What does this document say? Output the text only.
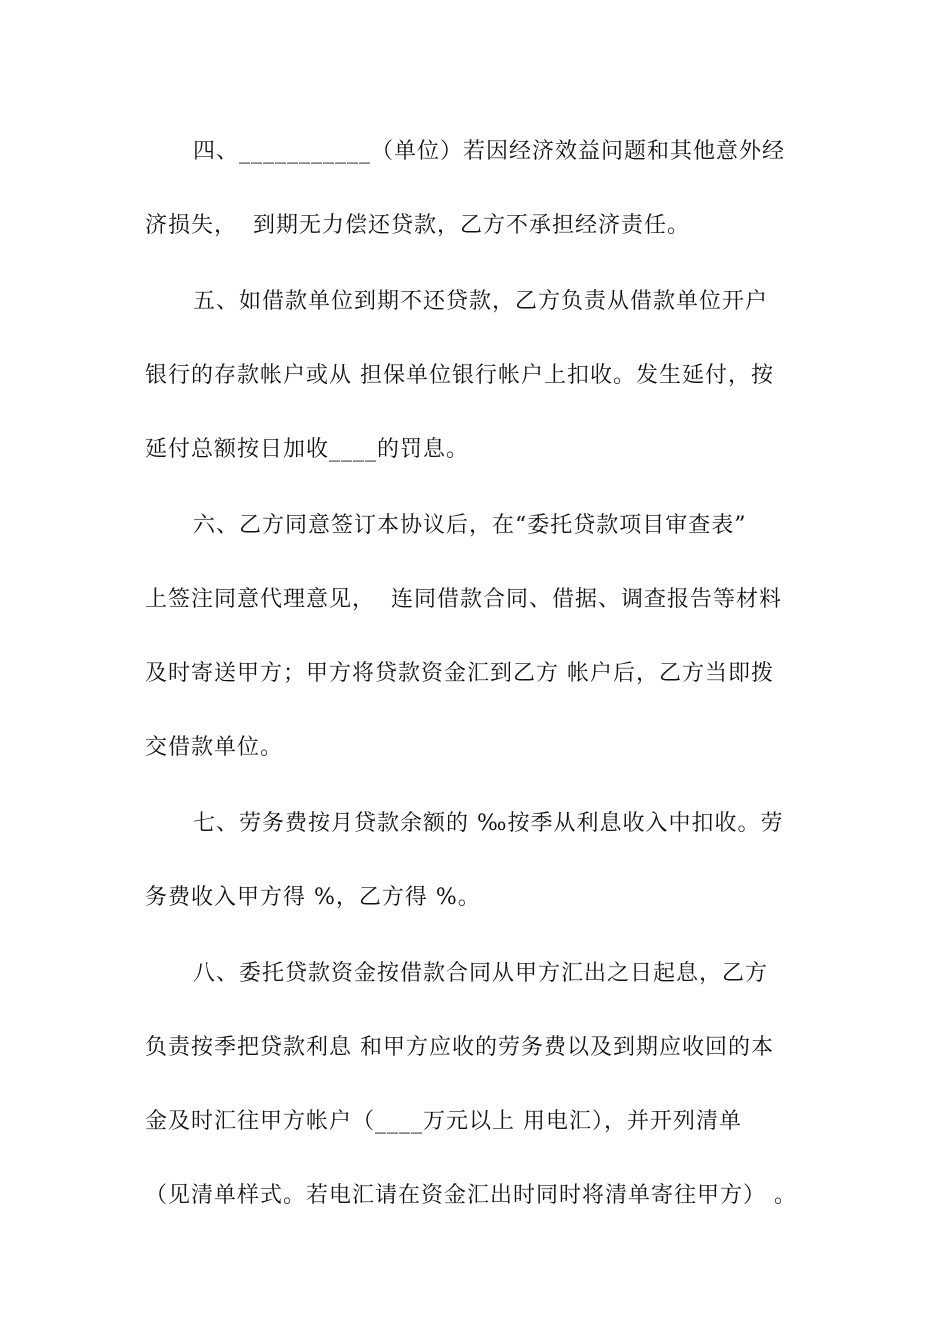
四、___________（单位）若因经济效益问题和其他意外经
济损失，  到期无力偿还贷款，乙方不承担经济责任。
五、如借款单位到期不还贷款，乙方负责从借款单位开户
银行的存款帐户或从 担保单位银行帐户上扣收。发生延付，按
延付总额按日加收____的罚息。
六、乙方同意签订本协议后，在“委托贷款项目审查表”
上签注同意代理意见，  连同借款合同、借据、调查报告等材料
及时寄送甲方；甲方将贷款资金汇到乙方 帐户后，乙方当即拨
交借款单位。
七、劳务费按月贷款余额的 ‰按季从利息收入中扣收。劳
务费收入甲方得 %，乙方得 %。
八、委托贷款资金按借款合同从甲方汇出之日起息，乙方
负责按季把贷款利息 和甲方应收的劳务费以及到期应收回的本
金及时汇往甲方帐户（____万元以上 用电汇），并开列清单
（见清单样式。若电汇请在资金汇出时同时将清单寄往甲方） 。
